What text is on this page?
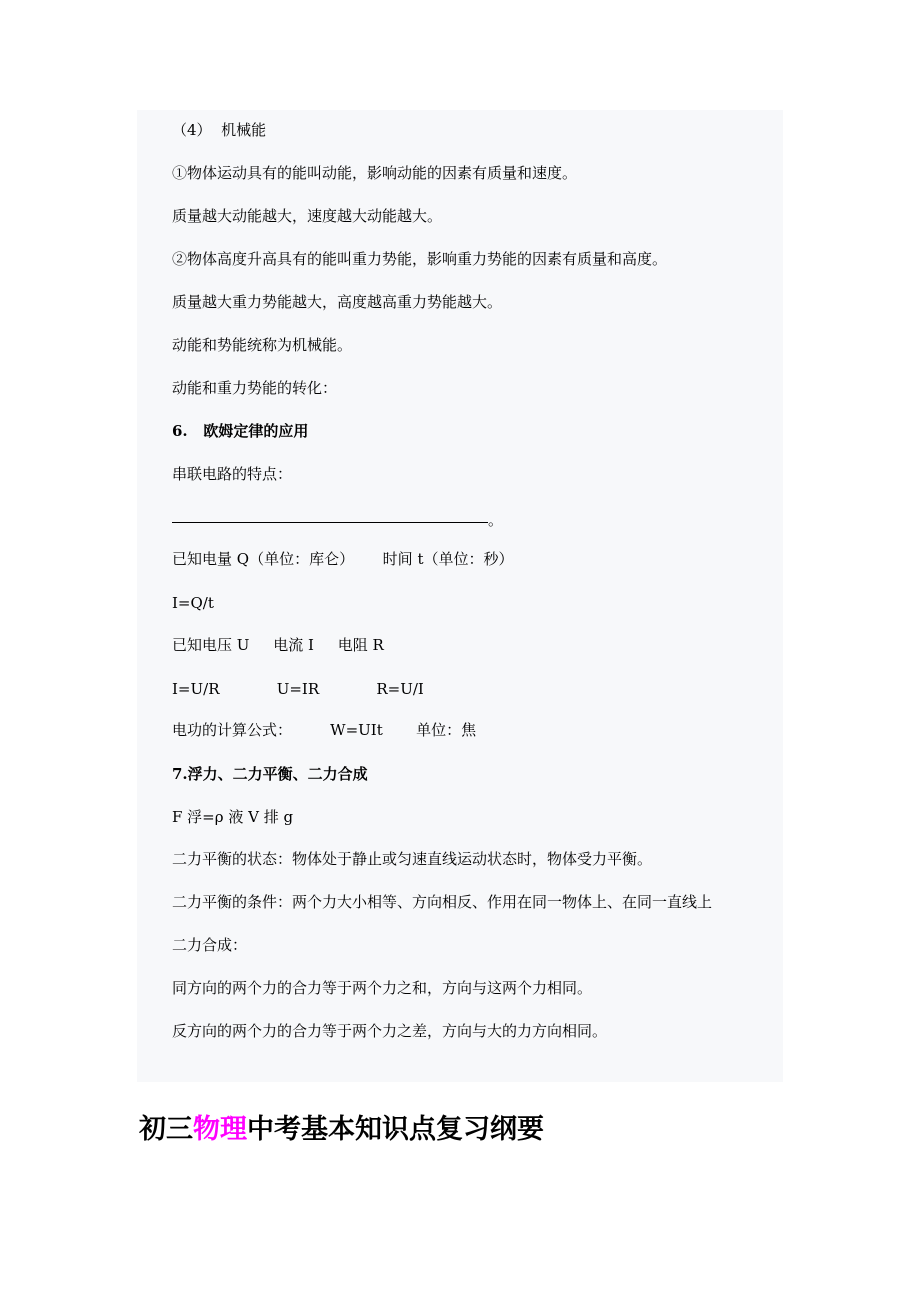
（4）  机械能
①物体运动具有的能叫动能，影响动能的因素有质量和速度。
质量越大动能越大，速度越大动能越大。
②物体高度升高具有的能叫重力势能，影响重力势能的因素有质量和高度。
质量越大重力势能越大，高度越高重力势能越大。
动能和势能统称为机械能。
动能和重力势能的转化：
6.   欧姆定律的应用
串联电路的特点：
。
已知电量 Q（单位：库仑）      时间 t（单位：秒）
I=Q/t
已知电压 U     电流 I     电阻 R
I=U/R            U=IR            R=U/I
电功的计算公式：        W=UIt       单位：焦
7.浮力、二力平衡、二力合成
F 浮=ρ 液 V 排 g
二力平衡的状态：物体处于静止或匀速直线运动状态时，物体受力平衡。
二力平衡的条件：两个力大小相等、方向相反、作用在同一物体上、在同一直线上
二力合成：
同方向的两个力的合力等于两个力之和，方向与这两个力相同。
反方向的两个力的合力等于两个力之差，方向与大的力方向相同。
初三物理中考基本知识点复习纲要
